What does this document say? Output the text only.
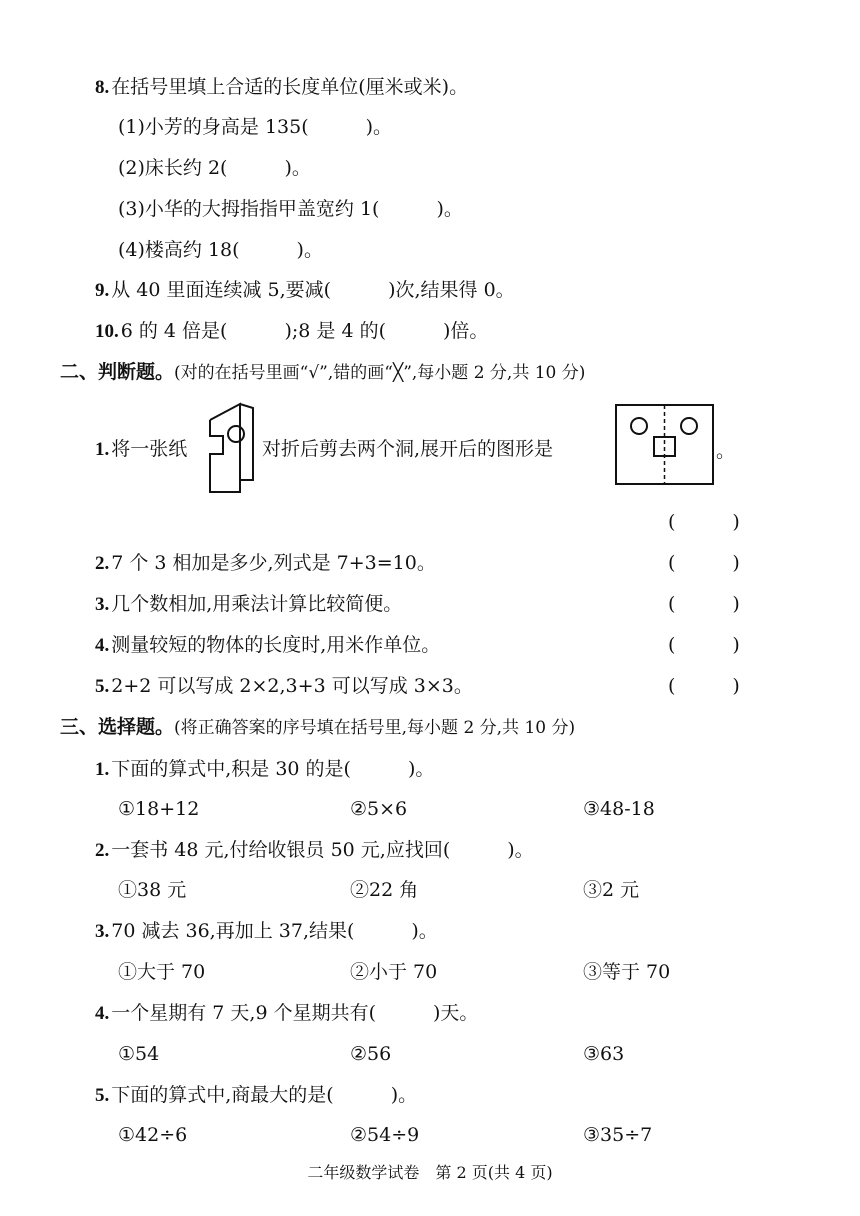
8. 在括号里填上合适的长度单位(厘米或米)。
(1)小芳的身高是 135(　　　)。
(2)床长约 2(　　　)。
(3)小华的大拇指指甲盖宽约 1(　　　)。
(4)楼高约 18(　　　)。
9. 从 40 里面连续减 5,要减(　　　)次,结果得 0。
10. 6 的 4 倍是(　　　);8 是 4 的(　　　)倍。
二、判断题。(对的在括号里画“√”,错的画“╳”,每小题 2 分,共 10 分)
1. 将一张纸	对折后剪去两个洞,展开后的图形是	。
(　　　)
2. 7 个 3 相加是多少,列式是 7+3=10。	(　　　)
3. 几个数相加,用乘法计算比较简便。	(　　　)
4. 测量较短的物体的长度时,用米作单位。	(　　　)
5. 2+2 可以写成 2×2,3+3 可以写成 3×3。	(　　　)
三、选择题。(将正确答案的序号填在括号里,每小题 2 分,共 10 分)
1. 下面的算式中,积是 30 的是(　　　)。
①18+12	②5×6	③48-18
2. 一套书 48 元,付给收银员 50 元,应找回(　　　)。
①38 元	②22 角	③2 元
3. 70 减去 36,再加上 37,结果(　　　)。
①大于 70	②小于 70	③等于 70
4. 一个星期有 7 天,9 个星期共有(　　　)天。
①54	②56	③63
5. 下面的算式中,商最大的是(　　　)。
①42÷6	②54÷9	③35÷7
二年级数学试卷　第 2 页(共 4 页)
